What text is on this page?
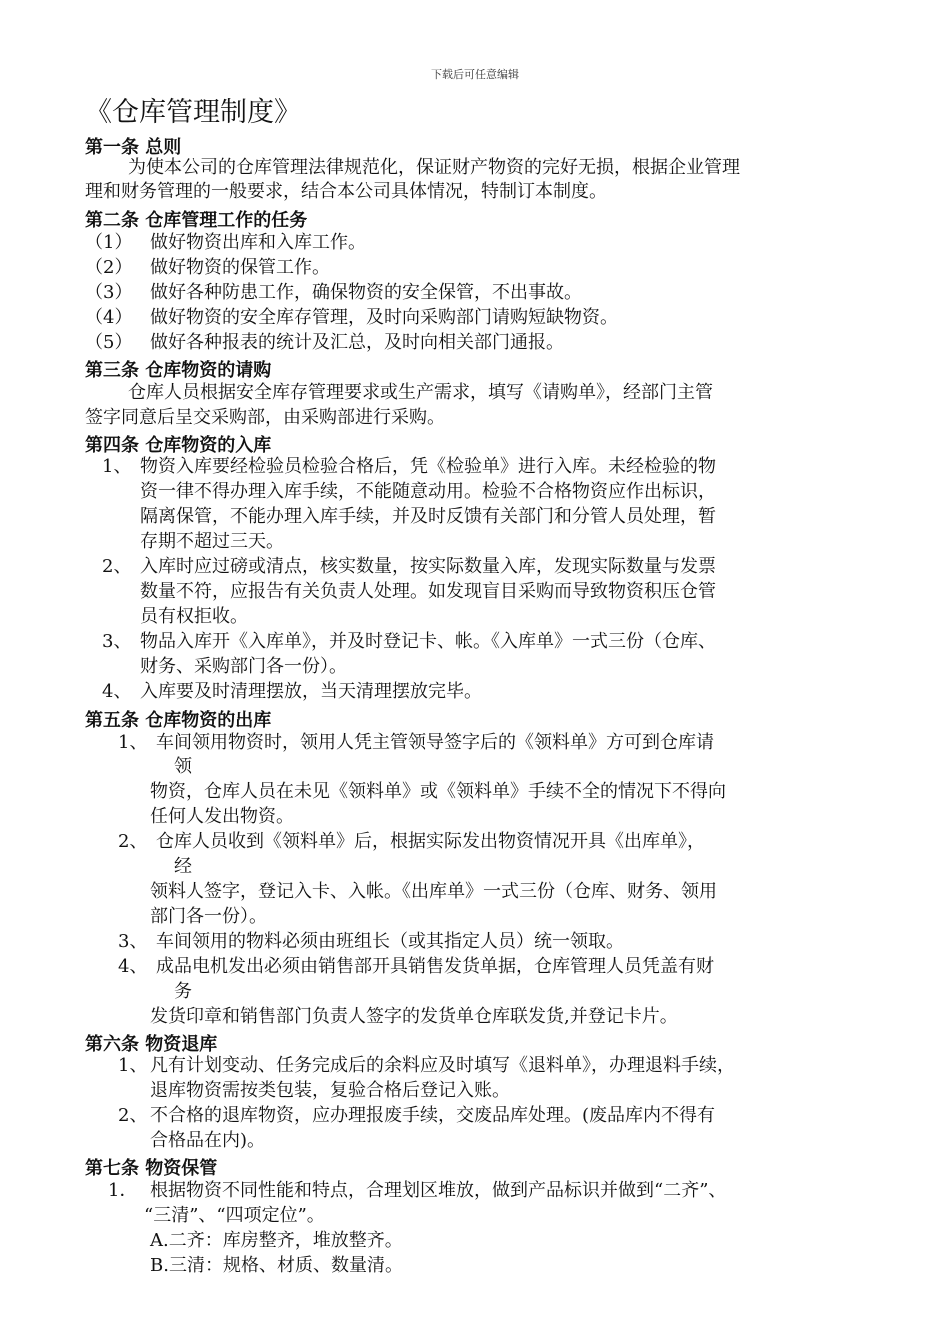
下载后可任意编辑
《仓库管理制度》
第一条 总则
为使本公司的仓库管理法律规范化，保证财产物资的完好无损，根据企业管理
理和财务管理的一般要求，结合本公司具体情况，特制订本制度。
第二条 仓库管理工作的任务
（1） 做好物资出库和入库工作。
（2） 做好物资的保管工作。
（3） 做好各种防患工作，确保物资的安全保管，不出事故。
（4） 做好物资的安全库存管理，及时向采购部门请购短缺物资。
（5） 做好各种报表的统计及汇总，及时向相关部门通报。
第三条 仓库物资的请购
仓库人员根据安全库存管理要求或生产需求，填写《请购单》，经部门主管
签字同意后呈交采购部，由采购部进行采购。
第四条 仓库物资的入库
1、 物资入库要经检验员检验合格后，凭《检验单》进行入库。未经检验的物
资一律不得办理入库手续，不能随意动用。检验不合格物资应作出标识，
隔离保管，不能办理入库手续，并及时反馈有关部门和分管人员处理，暂
存期不超过三天。
2、 入库时应过磅或清点，核实数量，按实际数量入库，发现实际数量与发票
数量不符，应报告有关负责人处理。如发现盲目采购而导致物资积压仓管
员有权拒收。
3、 物品入库开《入库单》，并及时登记卡、帐。《入库单》一式三份（仓库、
财务、采购部门各一份）。
4、 入库要及时清理摆放，当天清理摆放完毕。
第五条 仓库物资的出库
1、 车间领用物资时，领用人凭主管领导签字后的《领料单》方可到仓库请
领
物资，仓库人员在未见《领料单》或《领料单》手续不全的情况下不得向
任何人发出物资。
2、 仓库人员收到《领料单》后，根据实际发出物资情况开具《出库单》，
经
领料人签字，登记入卡、入帐。《出库单》一式三份（仓库、财务、领用
部门各一份）。
3、 车间领用的物料必须由班组长（或其指定人员）统一领取。
4、 成品电机发出必须由销售部开具销售发货单据，仓库管理人员凭盖有财
务
发货印章和销售部门负责人签字的发货单仓库联发货,并登记卡片。
第六条 物资退库
1、 凡有计划变动、任务完成后的余料应及时填写《退料单》，办理退料手续，
退库物资需按类包装，复验合格后登记入账。
2、 不合格的退库物资，应办理报废手续，交废品库处理。(废品库内不得有
合格品在内)。
第七条 物资保管
1． 根据物资不同性能和特点，合理划区堆放，做到产品标识并做到“二齐”、
“三清”、“四项定位”。
A.二齐：库房整齐，堆放整齐。
B.三清：规格、材质、数量清。
